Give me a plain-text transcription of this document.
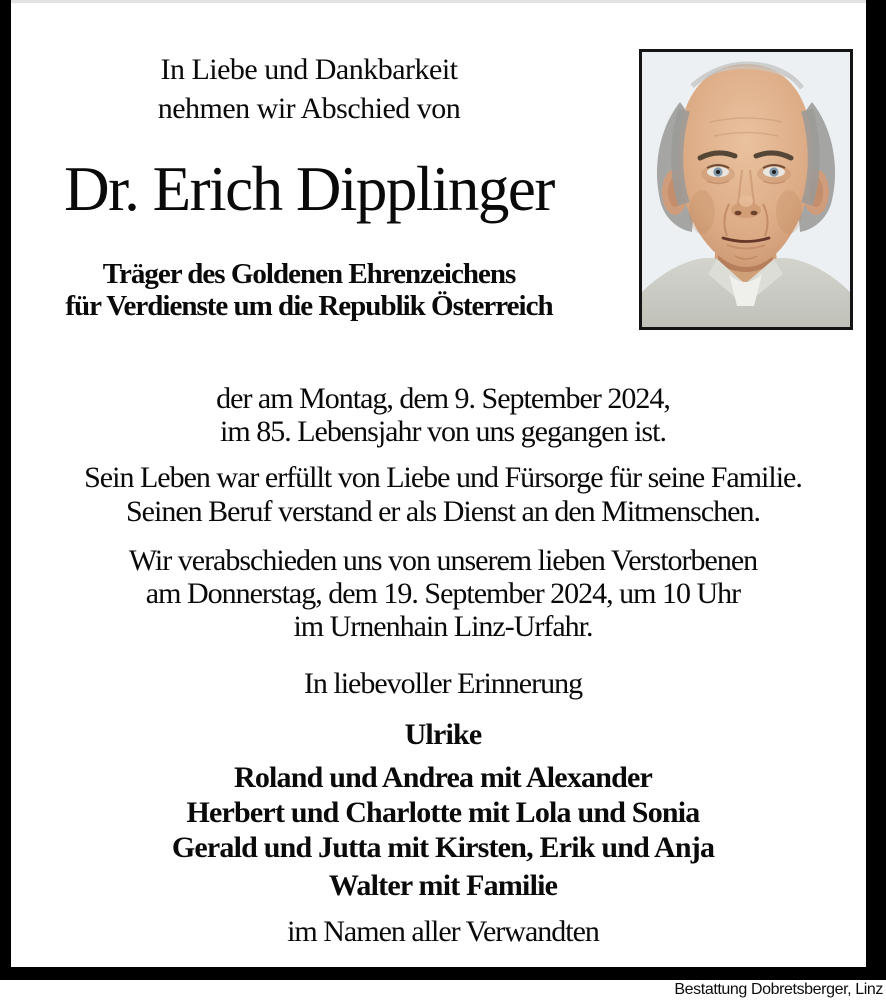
In Liebe und Dankbarkeit
nehmen wir Abschied von
Dr. Erich Dipplinger
Träger des Goldenen Ehrenzeichens
für Verdienste um die Republik Österreich
der am Montag, dem 9. September 2024,
im 85. Lebensjahr von uns gegangen ist.
Sein Leben war erfüllt von Liebe und Fürsorge für seine Familie.
Seinen Beruf verstand er als Dienst an den Mitmenschen.
Wir verabschieden uns von unserem lieben Verstorbenen
am Donnerstag, dem 19. September 2024, um 10 Uhr
im Urnenhain Linz-Urfahr.
In liebevoller Erinnerung
Ulrike
Roland und Andrea mit Alexander
Herbert und Charlotte mit Lola und Sonia
Gerald und Jutta mit Kirsten, Erik und Anja
Walter mit Familie
im Namen aller Verwandten
Bestattung Dobretsberger, Linz
